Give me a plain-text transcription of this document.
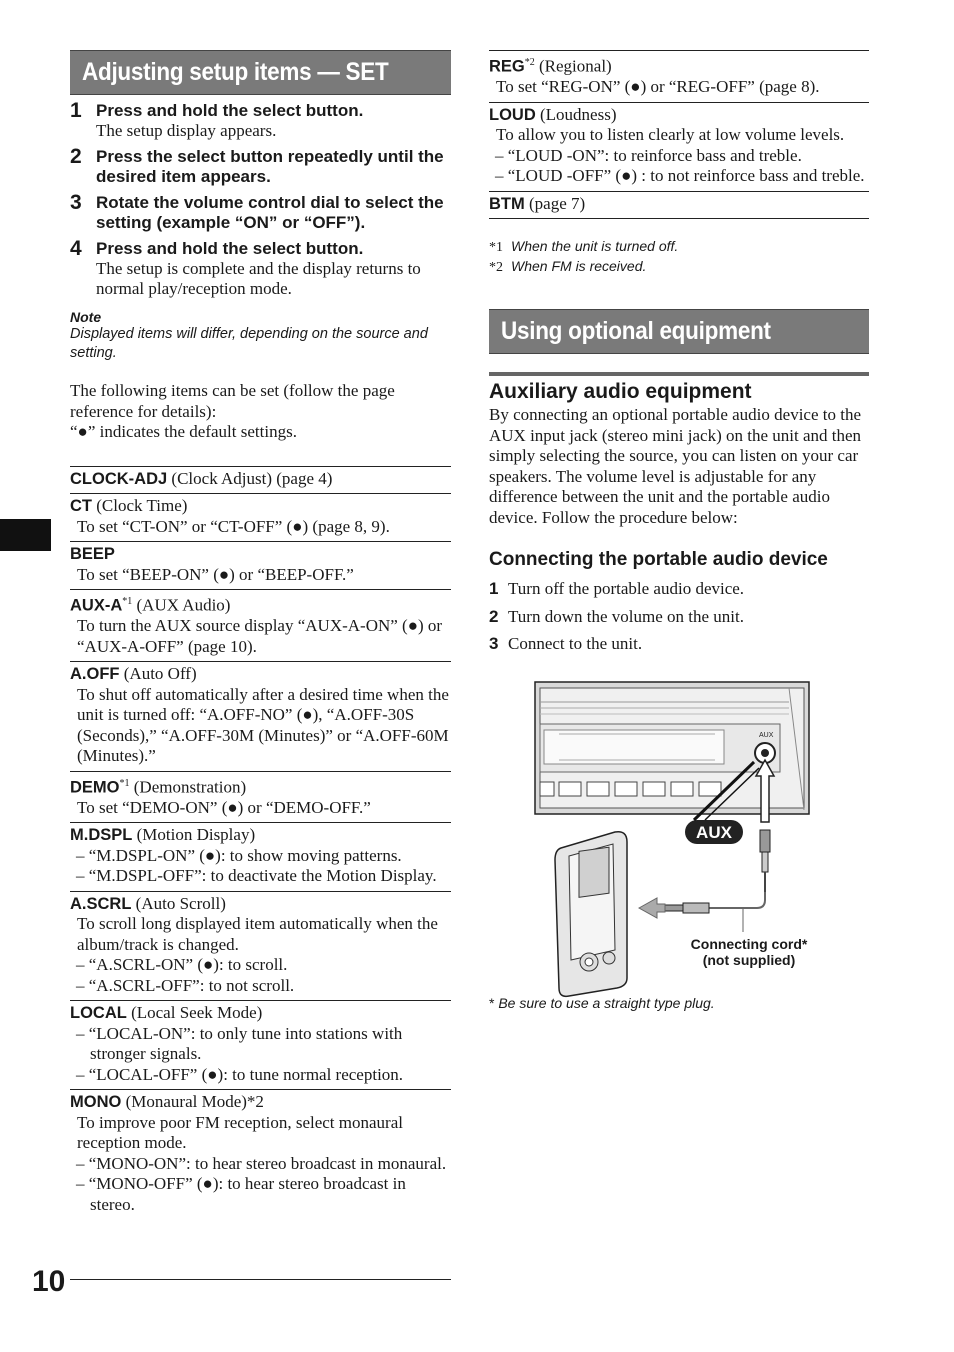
Adjusting setup items — SET
1 Press and hold the select button.
The setup display appears.
2 Press the select button repeatedly until the desired item appears.
3 Rotate the volume control dial to select the setting (example “ON” or “OFF”).
4 Press and hold the select button.
The setup is complete and the display returns to normal play/reception mode.
Note
Displayed items will differ, depending on the source and setting.
The following items can be set (follow the page reference for details):
“●” indicates the default settings.
CLOCK-ADJ (Clock Adjust) (page 4)
CT (Clock Time)
To set “CT-ON” or “CT-OFF” (●) (page 8, 9).
BEEP
To set “BEEP-ON” (●) or “BEEP-OFF.”
AUX-$A^{*1}$ (AUX Audio)
To turn the AUX source display “AUX-A-ON” (●) or “AUX-A-OFF” (page 10).
A.OFF (Auto Off)
To shut off automatically after a desired time when the unit is turned off: “A.OFF-NO” (●), “A.OFF-30S (Seconds),” “A.OFF-30M (Minutes)” or “A.OFF-60M (Minutes).”
DEMO$^{*1}$ (Demonstration)
To set “DEMO-ON” (●) or “DEMO-OFF.”
M.DSPL (Motion Display)
– “M.DSPL-ON” (●): to show moving patterns.
– “M.DSPL-OFF”: to deactivate the Motion Display.
A.SCRL (Auto Scroll)
To scroll long displayed item automatically when the album/track is changed.
– “A.SCRL-ON” (●): to scroll.
– “A.SCRL-OFF”: to not scroll.
LOCAL (Local Seek Mode)
– “LOCAL-ON”: to only tune into stations with stronger signals.
– “LOCAL-OFF” (●): to tune normal reception.
MONO (Monaural Mode)*2
To improve poor FM reception, select monaural reception mode.
– “MONO-ON”: to hear stereo broadcast in monaural.
– “MONO-OFF” (●): to hear stereo broadcast in stereo.
REG$^{*2}$ (Regional)
To set “REG-ON” (●) or “REG-OFF” (page 8).
LOUD (Loudness)
To allow you to listen clearly at low volume levels.
– “LOUD -ON”: to reinforce bass and treble.
– “LOUD -OFF” (●) : to not reinforce bass and treble.
BTM (page 7)
*1 When the unit is turned off.
*2 When FM is received.
Using optional equipment
Auxiliary audio equipment
By connecting an optional portable audio device to the AUX input jack (stereo mini jack) on the unit and then simply selecting the source, you can listen on your car speakers. The volume level is adjustable for any difference between the unit and the portable audio device. Follow the procedure below:
Connecting the portable audio device
1 Turn off the portable audio device.
2 Turn down the volume on the unit.
3 Connect to the unit.
AUX
AUX
Connecting cord*
(not supplied)
* Be sure to use a straight type plug.
10
